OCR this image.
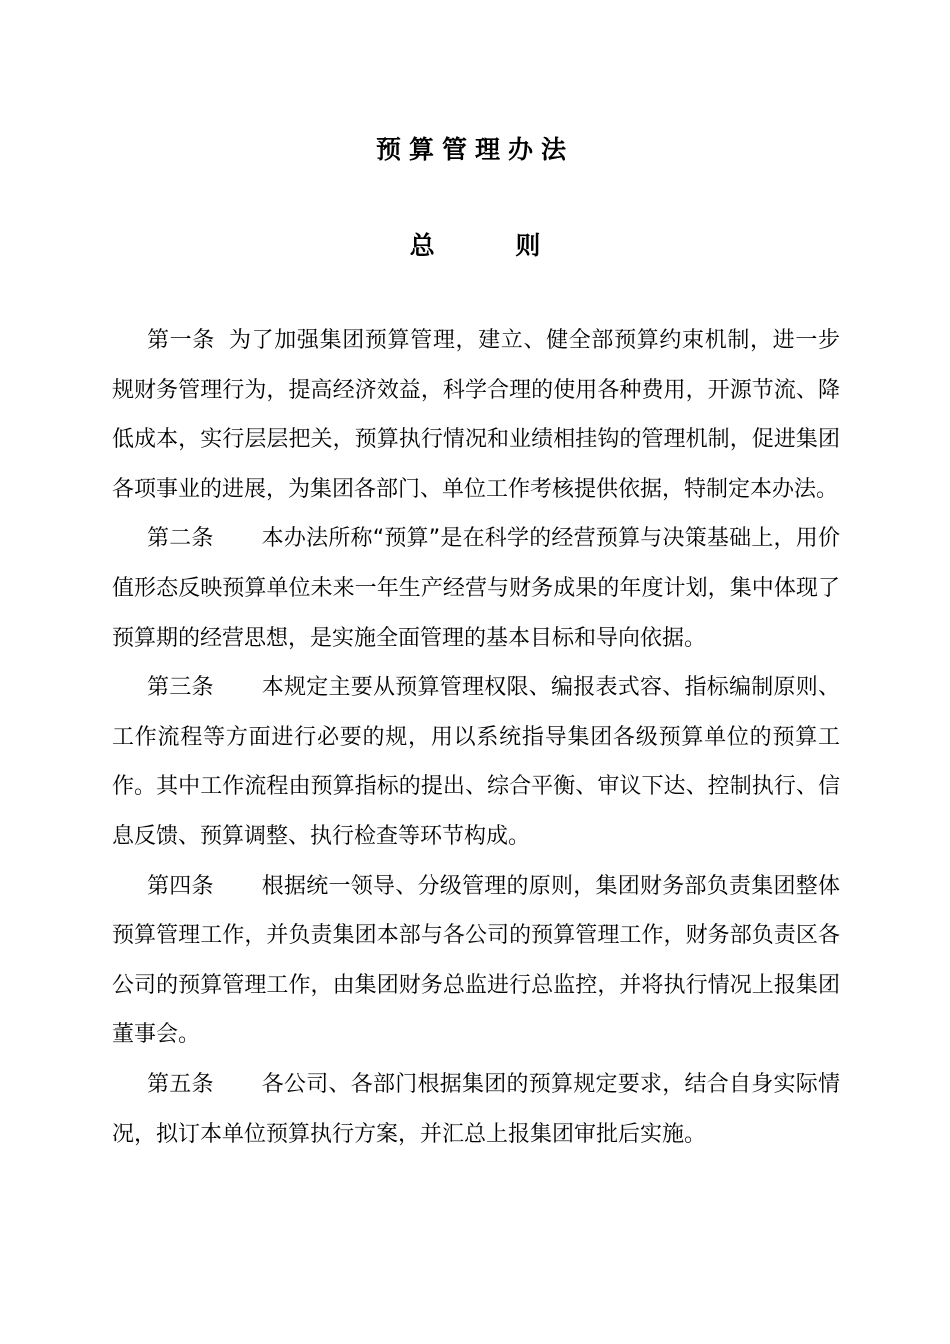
预算管理办法
总 则

第一条 为了加强集团预算管理，建立、健全部预算约束机制，进一步规财务管理行为，提高经济效益，科学合理的使用各种费用，开源节流、降低成本，实行层层把关，预算执行情况和业绩相挂钩的管理机制，促进集团各项事业的进展，为集团各部门、单位工作考核提供依据，特制定本办法。

第二条 本办法所称“预算”是在科学的经营预算与决策基础上，用价值形态反映预算单位未来一年生产经营与财务成果的年度计划，集中体现了预算期的经营思想，是实施全面管理的基本目标和导向依据。

第三条 本规定主要从预算管理权限、编报表式容、指标编制原则、工作流程等方面进行必要的规，用以系统指导集团各级预算单位的预算工作。其中工作流程由预算指标的提出、综合平衡、审议下达、控制执行、信息反馈、预算调整、执行检查等环节构成。

第四条 根据统一领导、分级管理的原则，集团财务部负责集团整体预算管理工作，并负责集团本部与各公司的预算管理工作，财务部负责区各公司的预算管理工作，由集团财务总监进行总监控，并将执行情况上报集团董事会。

第五条 各公司、各部门根据集团的预算规定要求，结合自身实际情况，拟订本单位预算执行方案，并汇总上报集团审批后实施。
